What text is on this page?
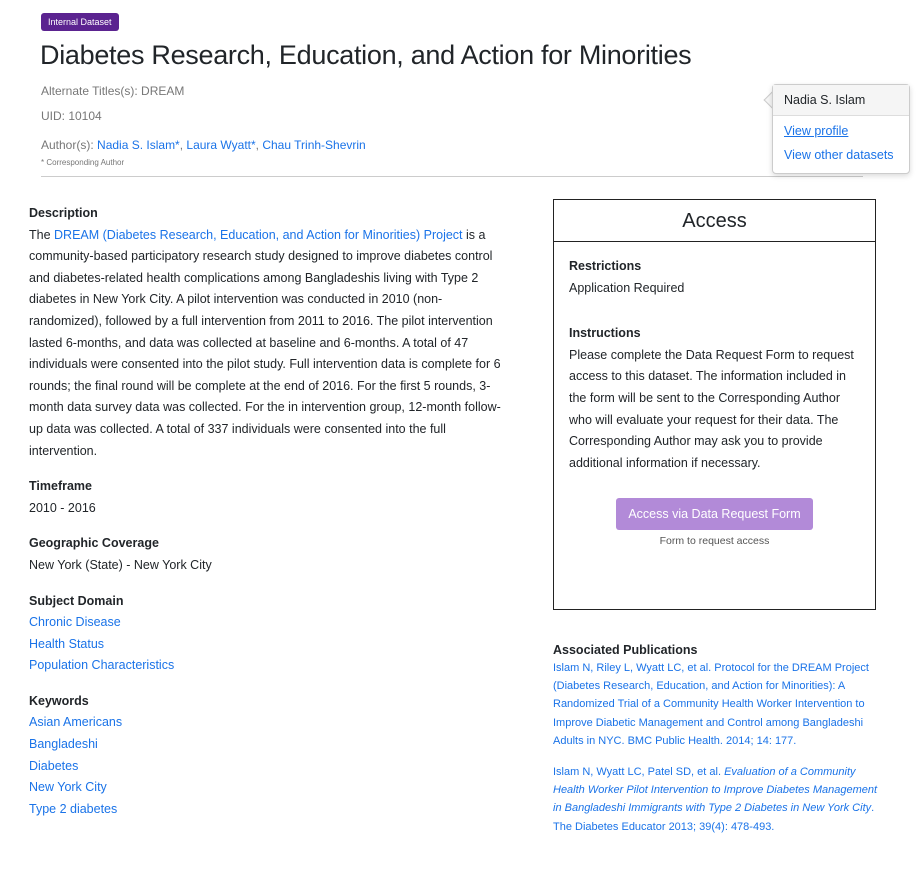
Internal Dataset
Diabetes Research, Education, and Action for Minorities
Alternate Titles(s): DREAM
UID: 10104
Author(s): Nadia S. Islam*, Laura Wyatt*, Chau Trinh-Shevrin
* Corresponding Author
Description
The DREAM (Diabetes Research, Education, and Action for Minorities) Project is a community-based participatory research study designed to improve diabetes control and diabetes-related health complications among Bangladeshis living with Type 2 diabetes in New York City. A pilot intervention was conducted in 2010 (non-randomized), followed by a full intervention from 2011 to 2016. The pilot intervention lasted 6-months, and data was collected at baseline and 6-months. A total of 47 individuals were consented into the pilot study. Full intervention data is complete for 6 rounds; the final round will be complete at the end of 2016. For the first 5 rounds, 3-month data survey data was collected. For the in intervention group, 12-month follow-up data was collected. A total of 337 individuals were consented into the full intervention.
Timeframe
2010 - 2016
Geographic Coverage
New York (State) - New York City
Subject Domain
Chronic Disease
Health Status
Population Characteristics
Keywords
Asian Americans
Bangladeshi
Diabetes
New York City
Type 2 diabetes
Nadia S. Islam
View profile
View other datasets
Access
Restrictions
Application Required
Instructions
Please complete the Data Request Form to request access to this dataset. The information included in the form will be sent to the Corresponding Author who will evaluate your request for their data. The Corresponding Author may ask you to provide additional information if necessary.
Access via Data Request Form
Form to request access
Associated Publications

Islam N, Riley L, Wyatt LC, et al. Protocol for the DREAM Project (Diabetes Research, Education, and Action for Minorities): A Randomized Trial of a Community Health Worker Intervention to Improve Diabetic Management and Control among Bangladeshi Adults in NYC. BMC Public Health. 2014; 14: 177.

Islam N, Wyatt LC, Patel SD, et al. Evaluation of a Community Health Worker Pilot Intervention to Improve Diabetes Management in Bangladeshi Immigrants with Type 2 Diabetes in New York City. The Diabetes Educator 2013; 39(4): 478-493.
